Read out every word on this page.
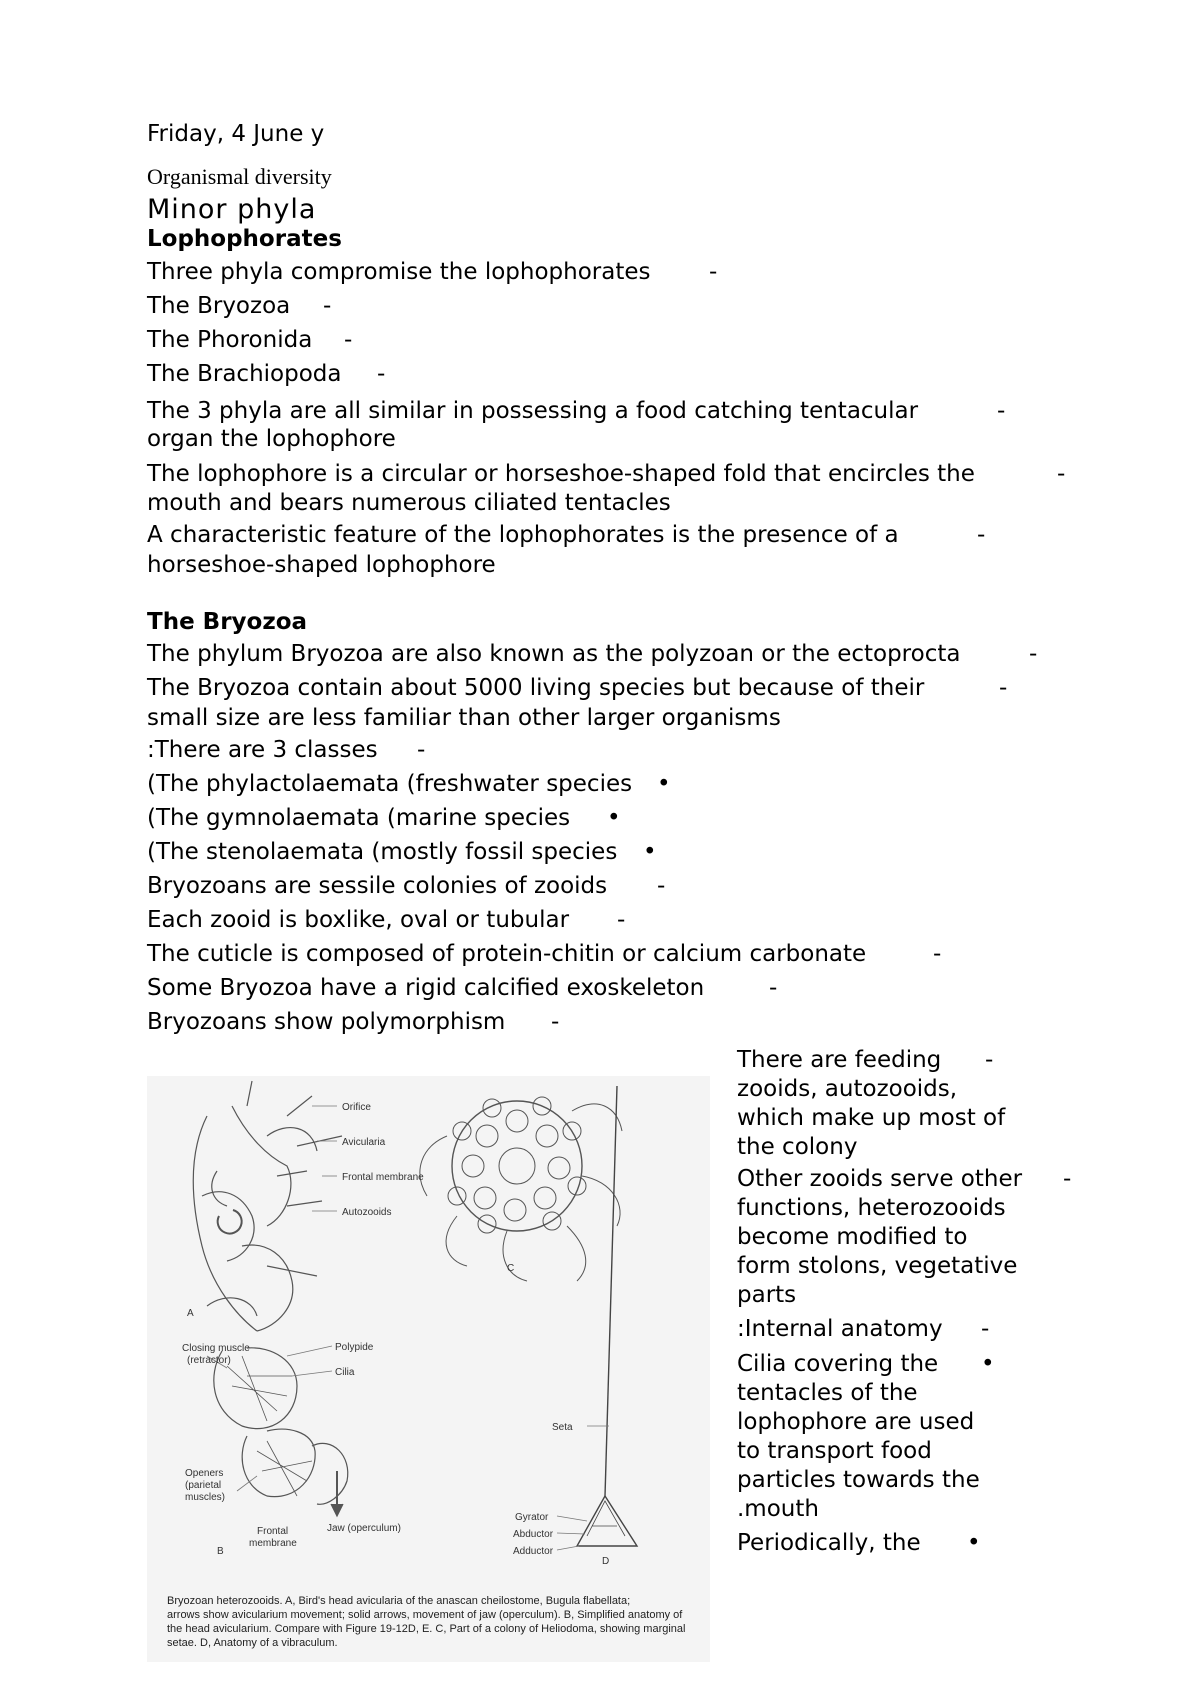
Friday, 4 June y
Organismal diversity
Minor phyla
Lophophorates
Three phyla compromise the lophophorates	-
The Bryozoa -
The Phoronida -
The Brachiopoda -
The 3 phyla are all similar in possessing a food catching tentacular	-
organ the lophophore
The lophophore is a circular or horseshoe-shaped fold that encircles the	-
mouth and bears numerous ciliated tentacles
A characteristic feature of the lophophorates is the presence of a	-
horseshoe-shaped lophophore
The Bryozoa
The phylum Bryozoa are also known as the polyzoan or the ectoprocta	-
The Bryozoa contain about 5000 living species but because of their	-
small size are less familiar than other larger organisms
:There are 3 classes -
(The phylactolaemata (freshwater species •
(The gymnolaemata (marine species •
(The stenolaemata (mostly fossil species •
Bryozoans are sessile colonies of zooids -
Each zooid is boxlike, oval or tubular -
The cuticle is composed of protein-chitin or calcium carbonate	-
Some Bryozoa have a rigid calcified exoskeleton	-
Bryozoans show polymorphism -
There are feeding -
zooids, autozooids,
which make up most of
the colony
Other zooids serve other -
functions, heterozooids
become modified to
form stolons, vegetative
parts
:Internal anatomy -
Cilia covering the •
tentacles of the
lophophore are used
to transport food
particles towards the
.mouth
Periodically, the •
Orifice
Avicularia
Frontal membrane
Autozooids
A
C
Closing muscle
(retractor)
Polypide
Cilia
Seta
Openers
(parietal
muscles)
Jaw (operculum)
Frontal
membrane
B
Gyrator
Abductor
Adductor
D
Bryozoan heterozooids. A, Bird's head avicularia of the anascan cheilostome, Bugula flabellata;
arrows show avicularium movement; solid arrows, movement of jaw (operculum). B, Simplified anatomy of
the head avicularium. Compare with Figure 19-12D, E. C, Part of a colony of Heliodoma, showing marginal
setae. D, Anatomy of a vibraculum.
